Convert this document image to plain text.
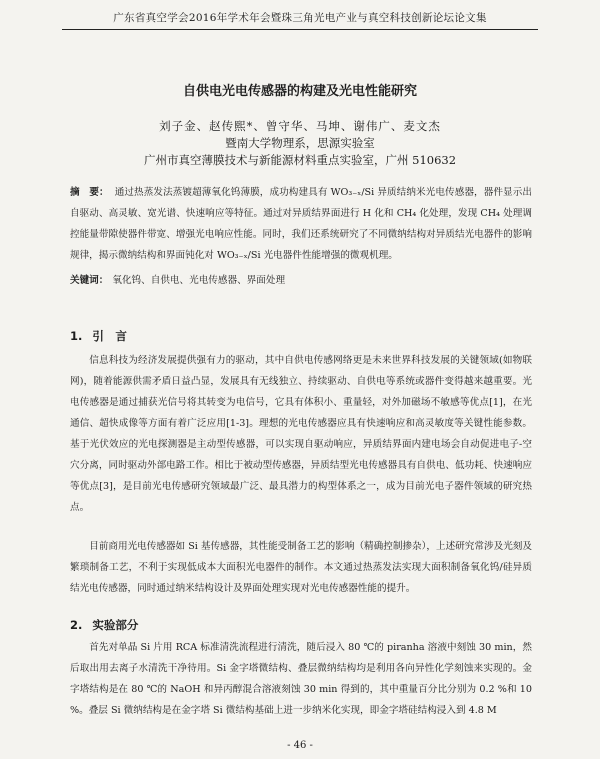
广东省真空学会2016年学术年会暨珠三角光电产业与真空科技创新论坛论文集
自供电光电传感器的构建及光电性能研究
刘子金、赵传熙*、曾守华、马坤、谢伟广、麦文杰
暨南大学物理系，思源实验室
广州市真空薄膜技术与新能源材料重点实验室，广州 510632
摘　要： 通过热蒸发法蒸镀超薄氧化钨薄膜，成功构建具有 WO₃₋ₓ/Si 异质结纳米光电传感器，器件显示出自驱动、高灵敏、宽光谱、快速响应等特征。通过对异质结界面进行 H 化和 CH₄ 化处理，发现 CH₄ 处理调控能量带隙使器件带宽、增强光电响应性能。同时，我们还系统研究了不同微纳结构对异质结光电器件的影响规律，揭示微纳结构和界面钝化对 WO₃₋ₓ/Si 光电器件性能增强的微观机理。
关键词： 氧化钨、自供电、光电传感器、界面处理
1. 引　言
信息科技为经济发展提供强有力的驱动，其中自供电传感网络更是未来世界科技发展的关键领域(如物联网)，随着能源供需矛盾日益凸显，发展具有无线独立、持续驱动、自供电等系统或器件变得越来越重要。光电传感器是通过捕获光信号将其转变为电信号，它具有体积小、重量轻，对外加磁场不敏感等优点[1]，在光通信、超快成像等方面有着广泛应用[1-3]。理想的光电传感器应具有快速响应和高灵敏度等关键性能参数。基于光伏效应的光电探测器是主动型传感器，可以实现自驱动响应，异质结界面内建电场会自动促进电子-空穴分离，同时驱动外部电路工作。相比于被动型传感器，异质结型光电传感器具有自供电、低功耗、快速响应等优点[3]，是目前光电传感研究领域最广泛、最具潜力的构型体系之一，成为目前光电子器件领域的研究热点。
目前商用光电传感器如 Si 基传感器，其性能受制备工艺的影响（精确控制掺杂），上述研究常涉及光刻及繁琐制备工艺，不利于实现低成本大面积光电器件的制作。本文通过热蒸发法实现大面积制备氧化钨/硅异质结光电传感器，同时通过纳米结构设计及界面处理实现对光电传感器性能的提升。
2. 实验部分
首先对单晶 Si 片用 RCA 标准清洗流程进行清洗，随后浸入 80 ℃的 piranha 溶液中刻蚀 30 min，然后取出用去离子水清洗干净待用。Si 金字塔微结构、叠层微纳结构均是利用各向异性化学刻蚀来实现的。金字塔结构是在 80 ℃的 NaOH 和异丙醇混合溶液刻蚀 30 min 得到的，其中重量百分比分别为 0.2 %和 10 %。叠层 Si 微纳结构是在金字塔 Si 微结构基础上进一步纳米化实现，即金字塔硅结构浸入到 4.8 M
- 46 -
